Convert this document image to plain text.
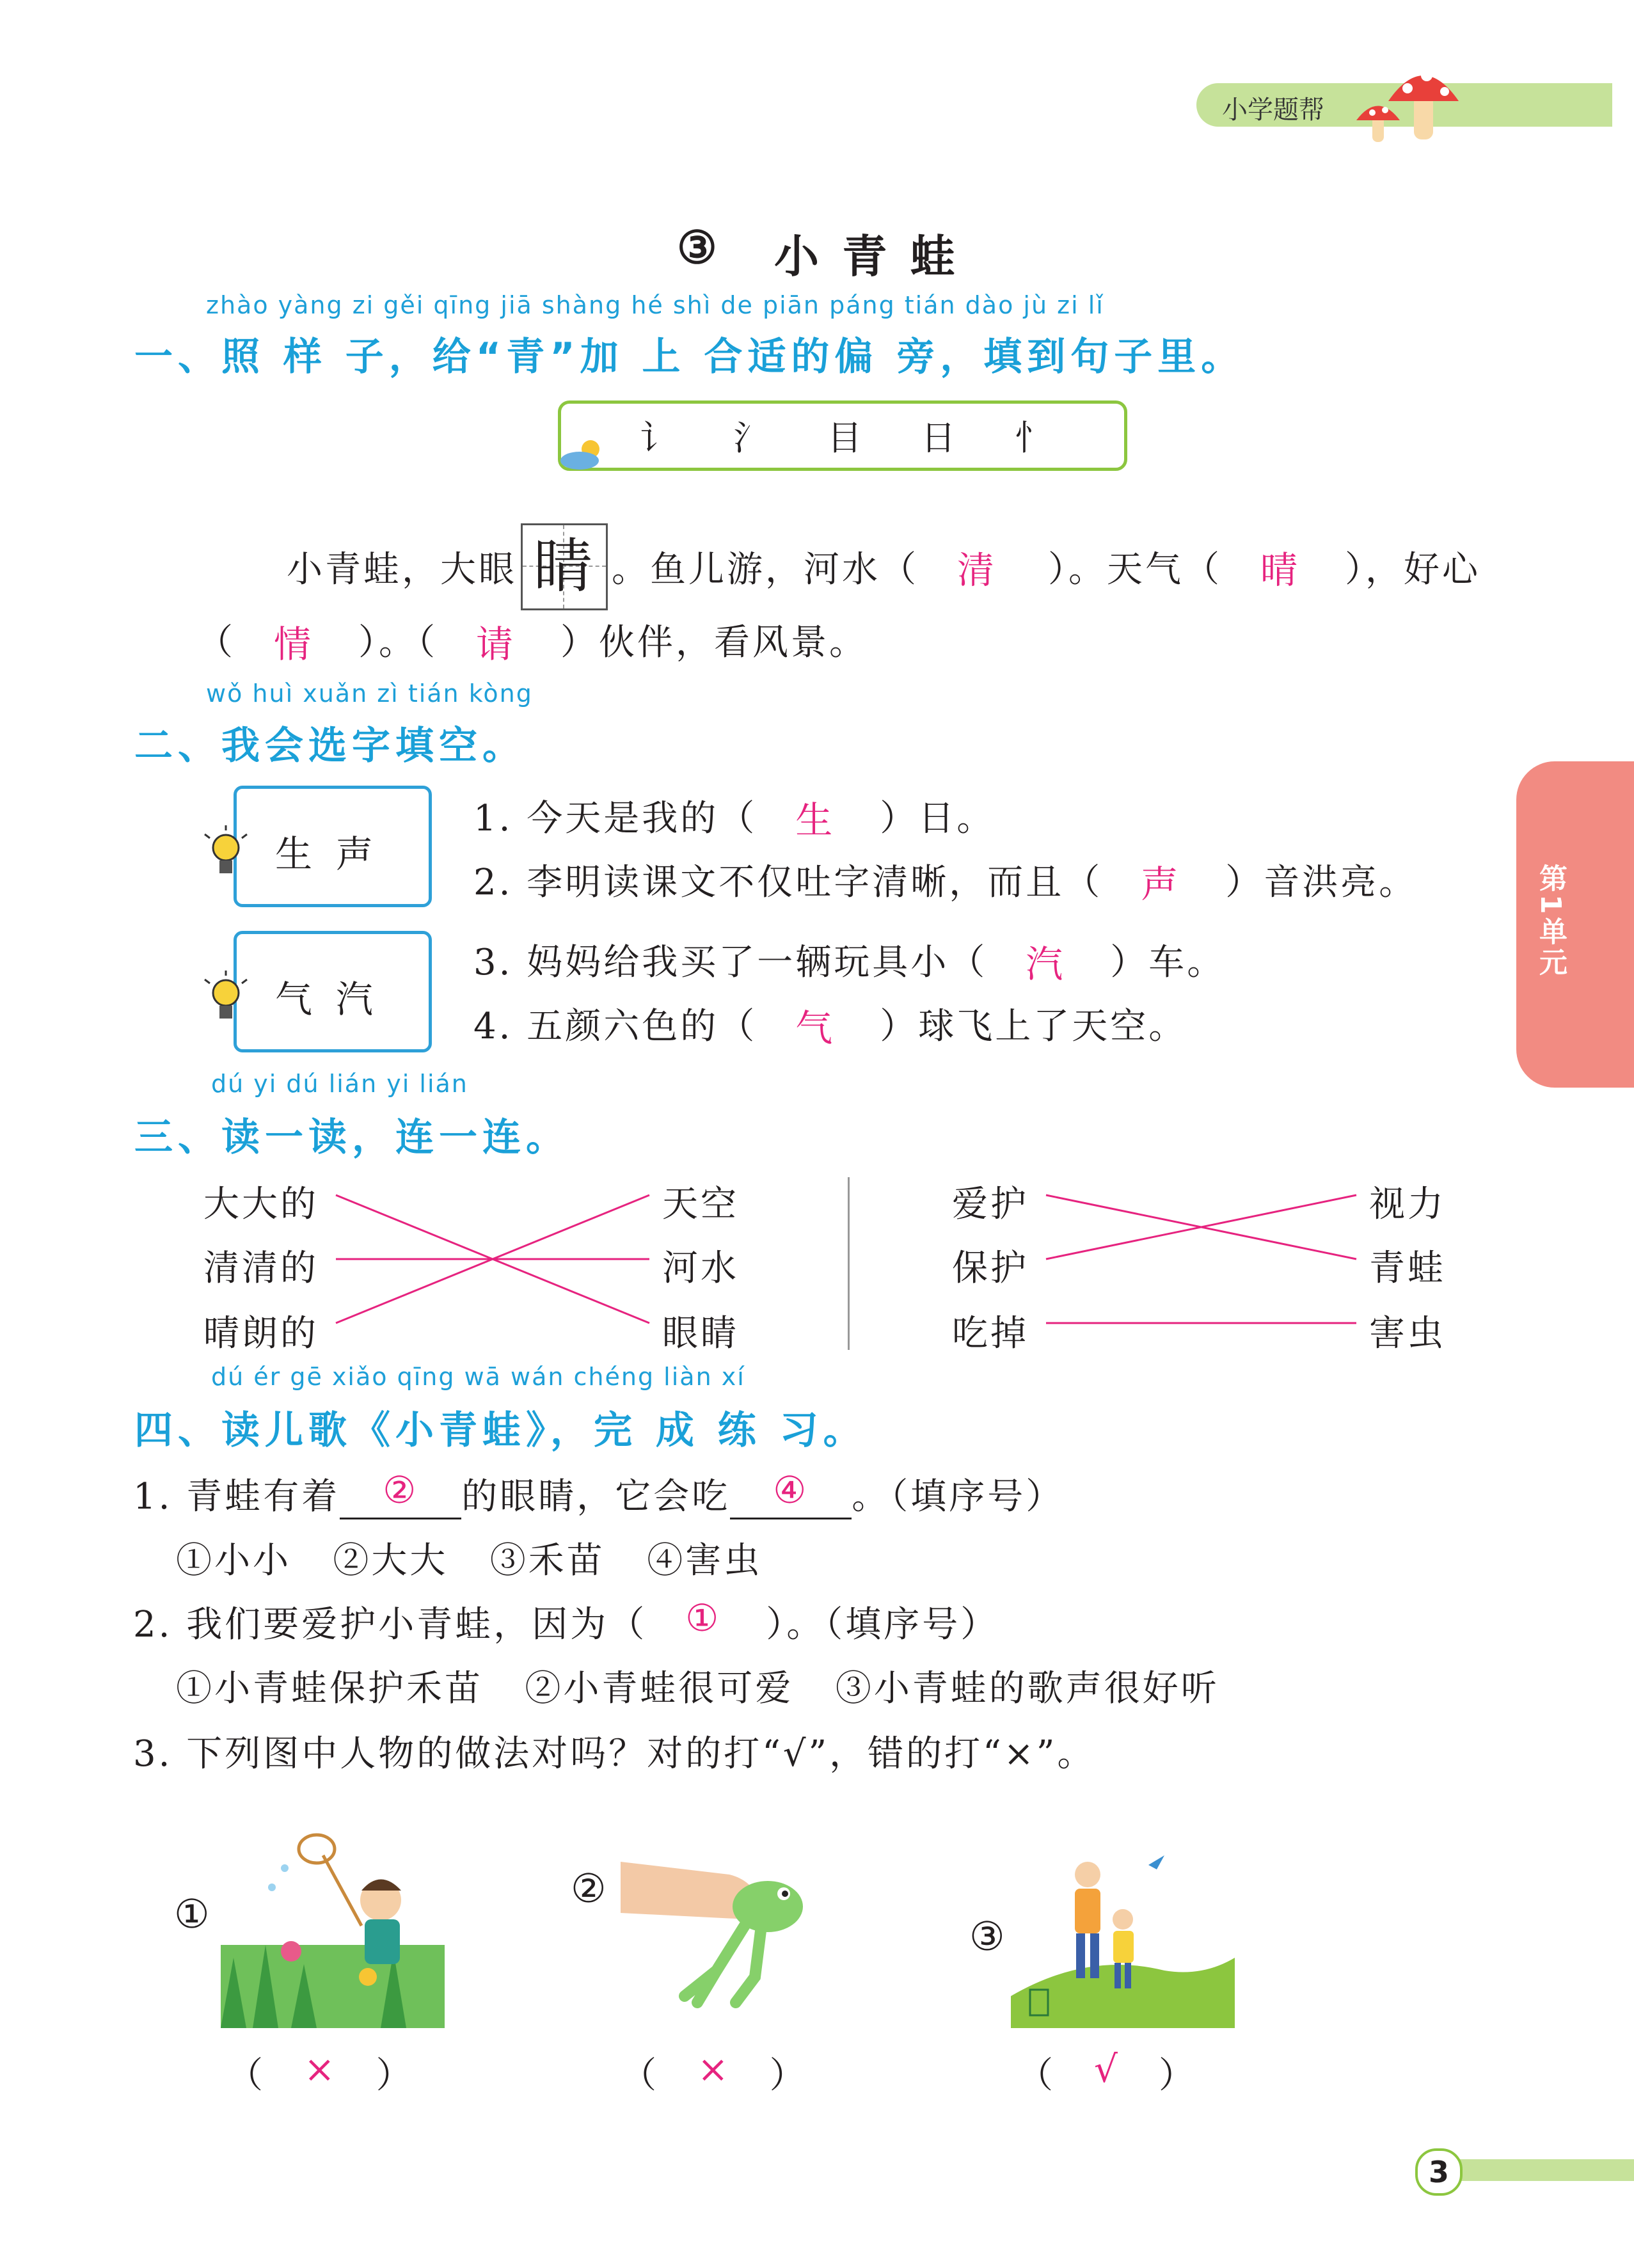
小学题帮
③ 小 青 蛙
zhào yàng zi gěi qīng jiā shàng hé shì de piān páng tián dào jù zi lǐ
一、照 样 子，给“青”加 上 合适的偏 旁，填到句子里。
讠 氵 目 日 忄
小青蛙，大眼 睛 。鱼儿游，河水（ 清 ）。天气（ 晴 ），好心
（ 情 ）。（ 请 ）伙伴，看风景。
wǒ huì xuǎn zì tián kòng
二、我会选字填空。
生  声
气  汽
1. 今天是我的（ 生 ）日。
2. 李明读课文不仅吐字清晰，而且（ 声 ）音洪亮。
3. 妈妈给我买了一辆玩具小（ 汽 ）车。
4. 五颜六色的（ 气 ）球飞上了天空。
dú yi dú lián yi lián
三、读一读，连一连。
大大的
清清的
晴朗的
天空
河水
眼睛
爱护
保护
吃掉
视力
青蛙
害虫
dú ér gē xiǎo qīng wā wán chéng liàn xí
四、读儿歌《小青蛙》，完 成 练 习。
1. 青蛙有着	②	的眼睛，它会吃	④	。（填序号）
①小小   ②大大   ③禾苗   ④害虫
2. 我们要爱护小青蛙，因为（ ① ）。（填序号）
①小青蛙保护禾苗   ②小青蛙很可爱   ③小青蛙的歌声很好听
3. 下列图中人物的做法对吗？对的打“√”，错的打“×”。
①
（ × ）
②
（ × ）
③
（ √ ）
第1单元
3
